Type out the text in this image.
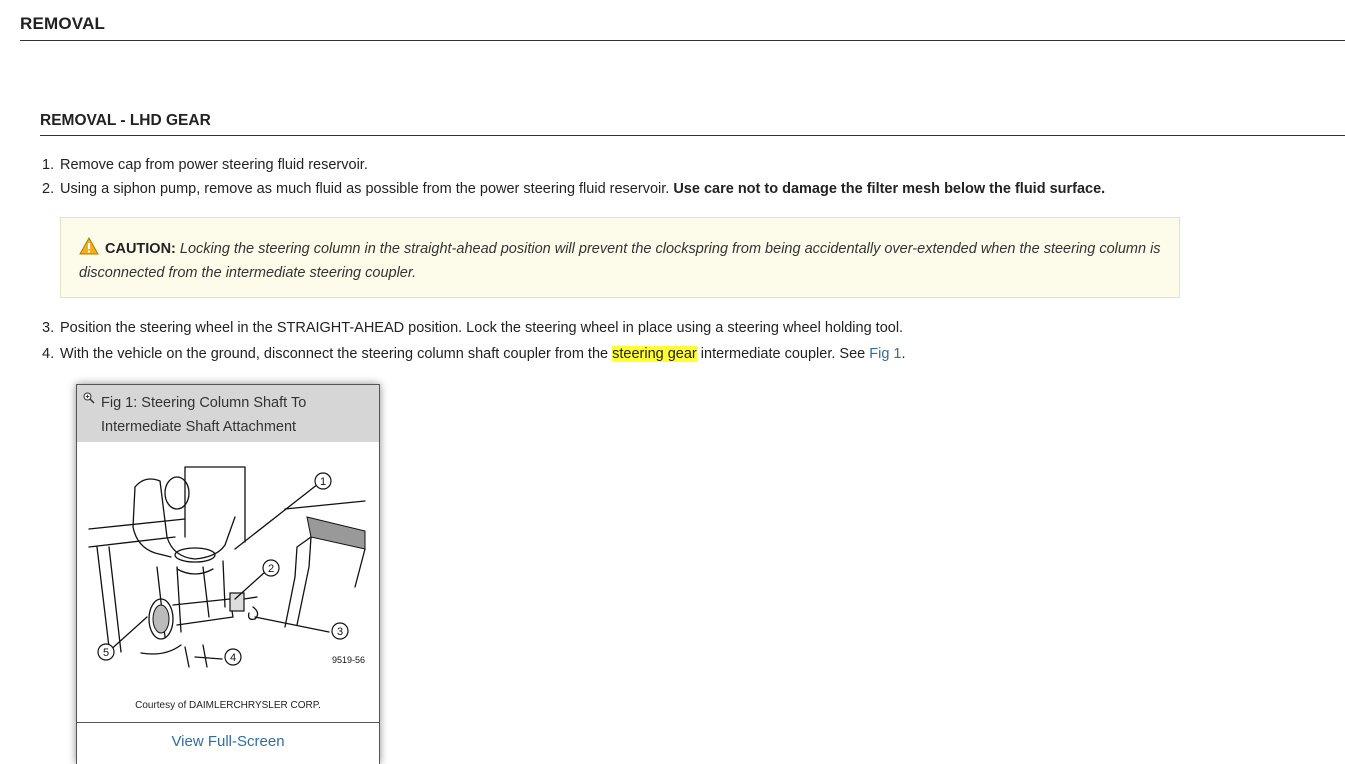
REMOVAL
REMOVAL - LHD GEAR
1. Remove cap from power steering fluid reservoir.
2. Using a siphon pump, remove as much fluid as possible from the power steering fluid reservoir. Use care not to damage the filter mesh below the fluid surface.
CAUTION: Locking the steering column in the straight-ahead position will prevent the clockspring from being accidentally over-extended when the steering column is disconnected from the intermediate steering coupler.
3. Position the steering wheel in the STRAIGHT-AHEAD position. Lock the steering wheel in place using a steering wheel holding tool.
4. With the vehicle on the ground, disconnect the steering column shaft coupler from the steering gear intermediate coupler. See Fig 1.
Fig 1: Steering Column Shaft To Intermediate Shaft Attachment
1
2
3
4
5
9519-56
Courtesy of DAIMLERCHRYSLER CORP.
View Full-Screen
